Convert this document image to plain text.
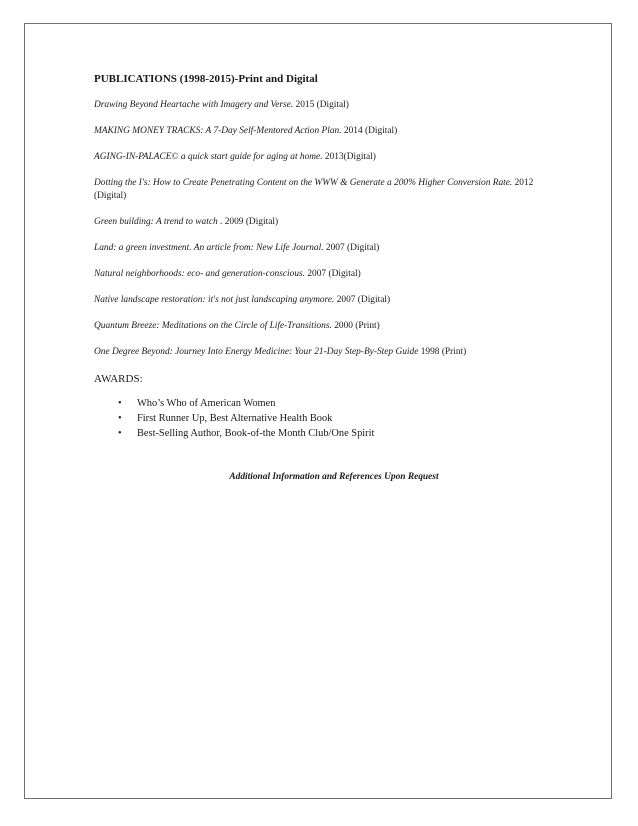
PUBLICATIONS (1998-2015)-Print and Digital
Drawing Beyond Heartache with Imagery and Verse. 2015 (Digital)
MAKING MONEY TRACKS: A 7-Day Self-Mentored Action Plan. 2014 (Digital)
AGING-IN-PALACE© a quick start guide for aging at home. 2013(Digital)
Dotting the I's: How to Create Penetrating Content on the WWW & Generate a 200% Higher Conversion Rate. 2012 (Digital)
Green building: A trend to watch . 2009 (Digital)
Land: a green investment. An article from: New Life Journal. 2007 (Digital)
Natural neighborhoods: eco- and generation-conscious. 2007 (Digital)
Native landscape restoration: it's not just landscaping anymore. 2007 (Digital)
Quantum Breeze: Meditations on the Circle of Life-Transitions. 2000 (Print)
One Degree Beyond: Journey Into Energy Medicine: Your 21-Day Step-By-Step Guide 1998 (Print)
AWARDS:
• Who’s Who of American Women
• First Runner Up, Best Alternative Health Book
• Best-Selling Author, Book-of-the Month Club/One Spirit
Additional Information and References Upon Request
